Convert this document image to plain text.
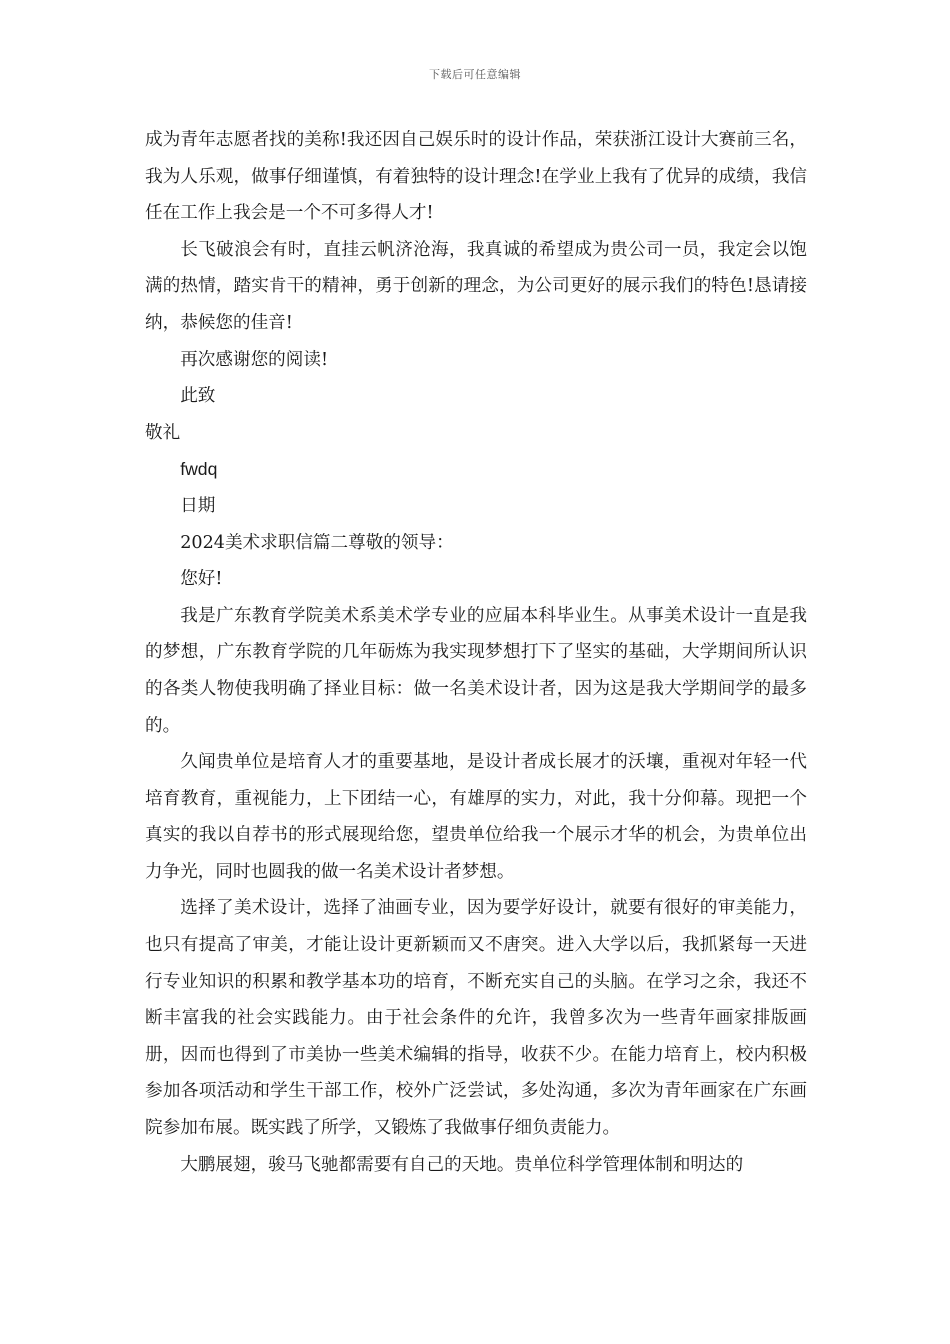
下载后可任意编辑

成为青年志愿者找的美称!我还因自己娱乐时的设计作品，荣获浙江设计大赛前三名，我为人乐观，做事仔细谨慎，有着独特的设计理念!在学业上我有了优异的成绩，我信任在工作上我会是一个不可多得人才!

长飞破浪会有时，直挂云帆济沧海，我真诚的希望成为贵公司一员，我定会以饱满的热情，踏实肯干的精神，勇于创新的理念，为公司更好的展示我们的特色!恳请接纳，恭候您的佳音!

再次感谢您的阅读!

此致

敬礼

fwdq

日期

2024美术求职信篇二尊敬的领导：

您好!

我是广东教育学院美术系美术学专业的应届本科毕业生。从事美术设计一直是我的梦想，广东教育学院的几年砺炼为我实现梦想打下了坚实的基础，大学期间所认识的各类人物使我明确了择业目标：做一名美术设计者，因为这是我大学期间学的最多的。

久闻贵单位是培育人才的重要基地，是设计者成长展才的沃壤，重视对年轻一代培育教育，重视能力，上下团结一心，有雄厚的实力，对此，我十分仰幕。现把一个真实的我以自荐书的形式展现给您，望贵单位给我一个展示才华的机会，为贵单位出力争光，同时也圆我的做一名美术设计者梦想。

选择了美术设计，选择了油画专业，因为要学好设计，就要有很好的审美能力，也只有提高了审美，才能让设计更新颖而又不唐突。进入大学以后，我抓紧每一天进行专业知识的积累和教学基本功的培育，不断充实自己的头脑。在学习之余，我还不断丰富我的社会实践能力。由于社会条件的允许，我曾多次为一些青年画家排版画册，因而也得到了市美协一些美术编辑的指导，收获不少。在能力培育上，校内积极参加各项活动和学生干部工作，校外广泛尝试，多处沟通，多次为青年画家在广东画院参加布展。既实践了所学，又锻炼了我做事仔细负责能力。

大鹏展翅，骏马飞驰都需要有自己的天地。贵单位科学管理体制和明达的
